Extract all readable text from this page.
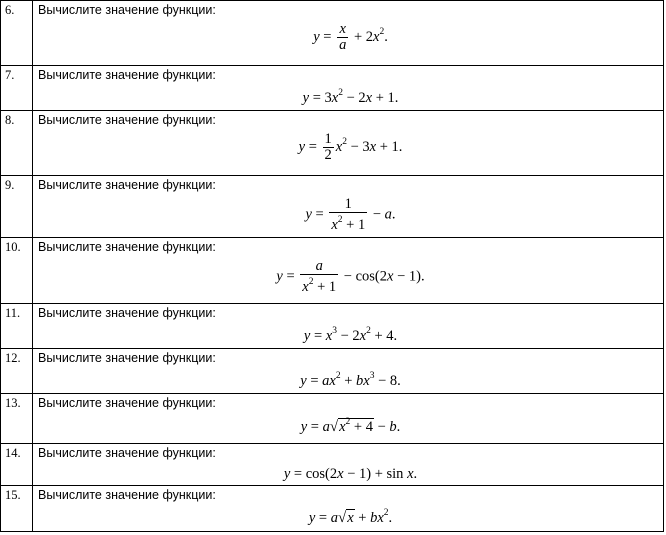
6.	Вычислите значение функции:
$y = \frac{x}{a} + 2x^2$.

7.	Вычислите значение функции:
$y = 3x^2 - 2x + 1$.

8.	Вычислите значение функции:
$y = \frac{1}{2} x^2 - 3x + 1$.

9.	Вычислите значение функции:
$y = \frac{1}{x^2 + 1} - a$.

10.	Вычислите значение функции:
$y = \frac{a}{x^2 + 1} - \cos(2x - 1)$.

11.	Вычислите значение функции:
$y = x^3 - 2x^2 + 4$.

12.	Вычислите значение функции:
$y = ax^2 + bx^3 - 8$.

13.	Вычислите значение функции:
$y = a√x^2 + 4 - b$.

14.	Вычислите значение функции:
y = cos(2x − 1) + sin x.

15.	Вычислите значение функции:
$y = a√x + bx^2$.
